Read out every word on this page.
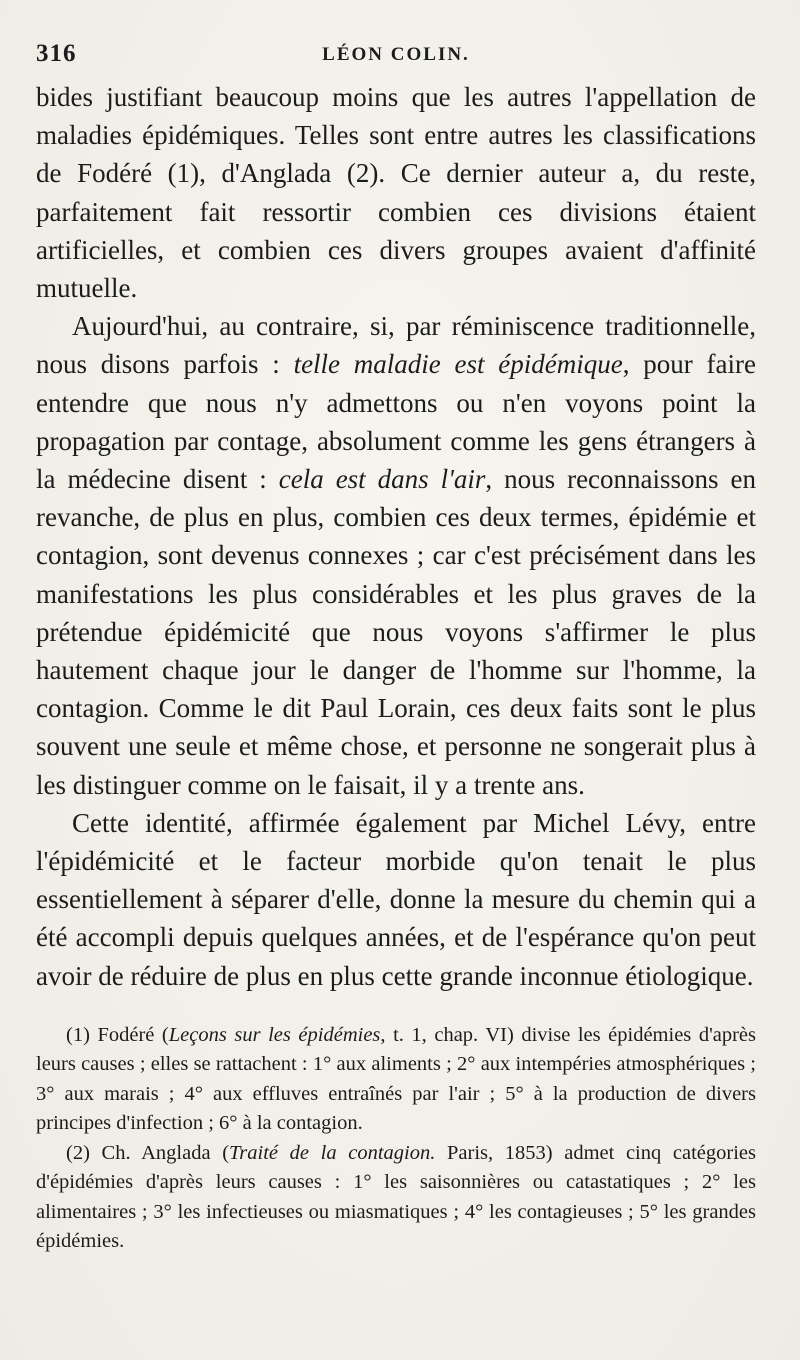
316	LÉON COLIN.

bides justifiant beaucoup moins que les autres l'appellation de maladies épidémiques. Telles sont entre autres les classifications de Fodéré (1), d'Anglada (2). Ce dernier auteur a, du reste, parfaitement fait ressortir combien ces divisions étaient artificielles, et combien ces divers groupes avaient d'affinité mutuelle.

Aujourd'hui, au contraire, si, par réminiscence traditionnelle, nous disons parfois : telle maladie est épidémique, pour faire entendre que nous n'y admettons ou n'en voyons point la propagation par contage, absolument comme les gens étrangers à la médecine disent : cela est dans l'air, nous reconnaissons en revanche, de plus en plus, combien ces deux termes, épidémie et contagion, sont devenus connexes ; car c'est précisément dans les manifestations les plus considérables et les plus graves de la prétendue épidémicité que nous voyons s'affirmer le plus hautement chaque jour le danger de l'homme sur l'homme, la contagion. Comme le dit Paul Lorain, ces deux faits sont le plus souvent une seule et même chose, et personne ne songerait plus à les distinguer comme on le faisait, il y a trente ans.

Cette identité, affirmée également par Michel Lévy, entre l'épidémicité et le facteur morbide qu'on tenait le plus essentiellement à séparer d'elle, donne la mesure du chemin qui a été accompli depuis quelques années, et de l'espérance qu'on peut avoir de réduire de plus en plus cette grande inconnue étiologique.

(1) Fodéré (Leçons sur les épidémies, t. 1, chap. VI) divise les épidémies d'après leurs causes ; elles se rattachent : 1° aux aliments ; 2° aux intempéries atmosphériques ; 3° aux marais ; 4° aux effluves entraînés par l'air ; 5° à la production de divers principes d'infection ; 6° à la contagion.

(2) Ch. Anglada (Traité de la contagion. Paris, 1853) admet cinq catégories d'épidémies d'après leurs causes : 1° les saisonnières ou catastatiques ; 2° les alimentaires ; 3° les infectieuses ou miasmatiques ; 4° les contagieuses ; 5° les grandes épidémies.
